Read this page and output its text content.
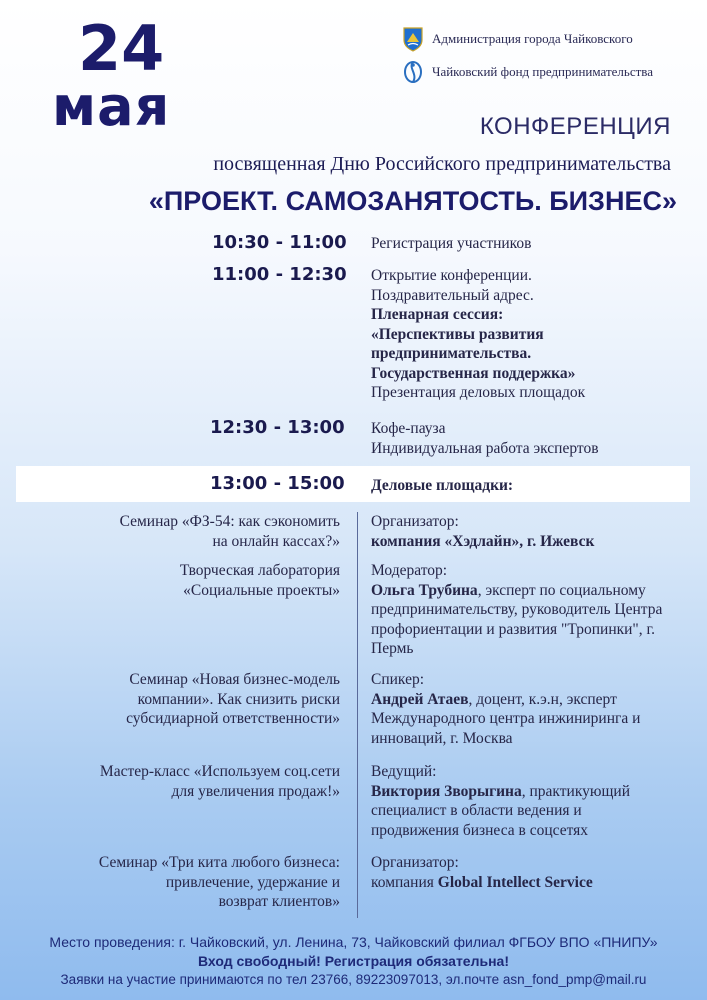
24
мая
Администрация города Чайковского
Чайковский фонд предпринимательства
КОНФЕРЕНЦИЯ
посвященная Дню Российского предпринимательства
«ПРОЕКТ. САМОЗАНЯТОСТЬ. БИЗНЕС»
10:30 - 11:00 Регистрация участников
11:00 - 12:30 Открытие конференции.
Поздравительный адрес.
Пленарная сессия:
«Перспективы развития
предпринимательства.
Государственная поддержка»
Презентация деловых площадок
12:30 - 13:00 Кофе-пауза
Индивидуальная работа экспертов
13:00 - 15:00 Деловые площадки:
Семинар «ФЗ-54: как сэкономить
на онлайн кассах?»
Организатор:
компания «Хэдлайн», г. Ижевск
Творческая лаборатория
«Социальные проекты»
Модератор:
Ольга Трубина, эксперт по социальному предпринимательству, руководитель Центра профориентации и развития "Тропинки", г. Пермь
Семинар «Новая бизнес-модель
компании». Как снизить риски
субсидиарной ответственности»
Спикер:
Андрей Атаев, доцент, к.э.н, эксперт Международного центра инжиниринга и инноваций, г. Москва
Мастер-класс «Используем соц.сети
для увеличения продаж!»
Ведущий:
Виктория Зворыгина, практикующий специалист в области ведения и продвижения бизнеса в соцсетях
Семинар «Три кита любого бизнеса:
привлечение, удержание и
возврат клиентов»
Организатор:
компания Global Intellect Service
Место проведения: г. Чайковский, ул. Ленина, 73, Чайковский филиал ФГБОУ ВПО «ПНИПУ»
Вход свободный! Регистрация обязательна!
Заявки на участие принимаются по тел 23766, 89223097013, эл.почте asn_fond_pmp@mail.ru
